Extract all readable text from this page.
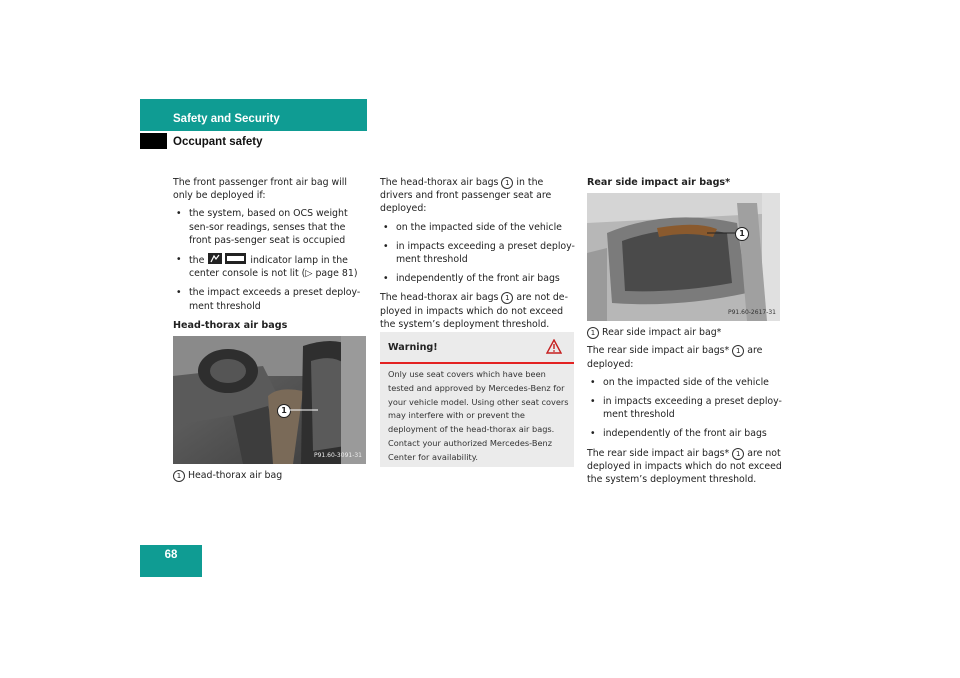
Safety and Security
Occupant safety

The front passenger front air bag will only be deployed if:

• the system, based on OCS weight sen-sor readings, senses that the front pas-senger seat is occupied
• the	indicator lamp in the center console is not lit (▷ page 81)
• the impact exceeds a preset deploy-ment threshold
Head-thorax air bags
1
P91.60-3091-31

1 Head-thorax air bag

The head-thorax air bags 1 in the drivers and front passenger seat are deployed:

• on the impacted side of the vehicle
• in impacts exceeding a preset deploy-ment threshold
• independently of the front air bags

The head-thorax air bags 1 are not de-ployed in impacts which do not exceed the system’s deployment threshold.

Warning!
Only use seat covers which have been tested and approved by Mercedes-Benz for your vehicle model. Using other seat covers may interfere with or prevent the deployment of the head-thorax air bags. Contact your authorized Mercedes-Benz Center for availability.
Rear side impact air bags*
1
P91.60-2617-31

1 Rear side impact air bag*

The rear side impact air bags* 1 are deployed:

• on the impacted side of the vehicle
• in impacts exceeding a preset deploy-ment threshold
• independently of the front air bags

The rear side impact air bags* 1 are not deployed in impacts which do not exceed the system’s deployment threshold.

68
